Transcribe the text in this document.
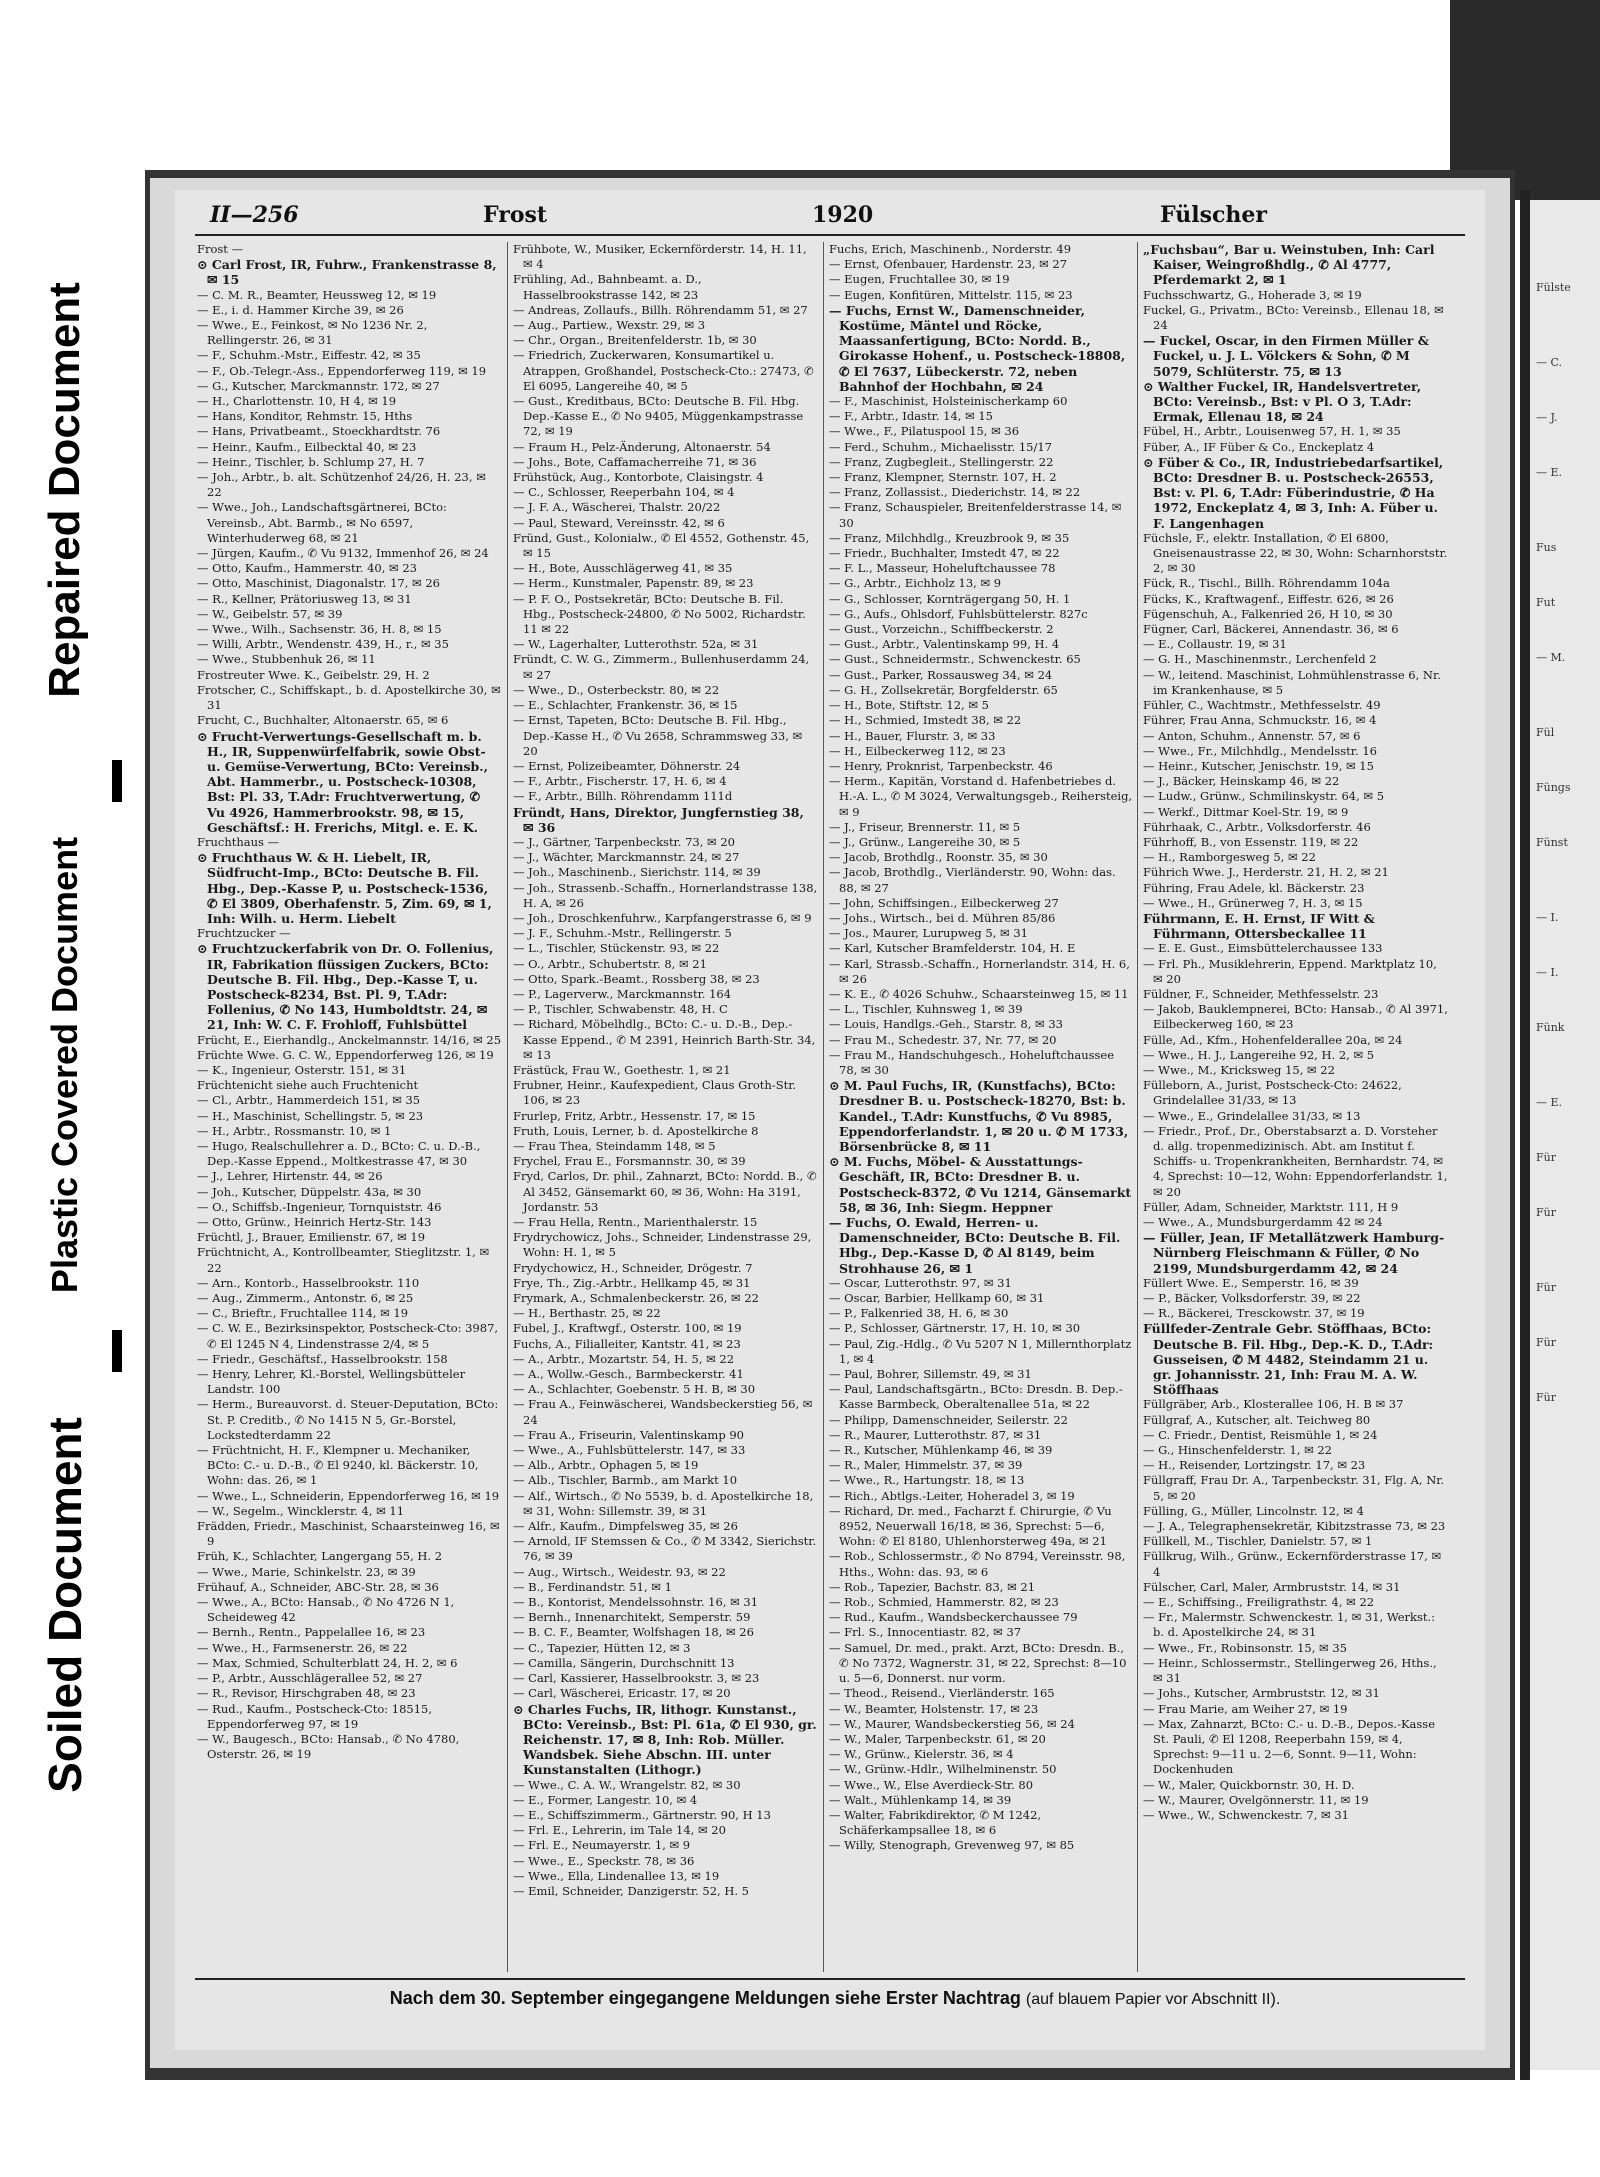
Repaired Document
Plastic Covered Document
Soiled Document
Fülste
— C.
— J.
— E.
Fus
Fut
— M.
Fül
Füngs
Fünst
— I.
— I.
Fünk
— E.
Für
Für
Für
Für
Für
II—256	Frost	1920	Fülscher

Frost —

⊙ Carl Frost, IR, Fuhrw., Frankenstrasse 8, ✉ 15

— C. M. R., Beamter, Heussweg 12, ✉ 19

— E., i. d. Hammer Kirche 39, ✉ 26

— Wwe., E., Feinkost, ✉ No 1236 Nr. 2, Rellingerstr. 26, ✉ 31

— F., Schuhm.-Mstr., Eiffestr. 42, ✉ 35

— F., Ob.-Telegr.-Ass., Eppendorferweg 119, ✉ 19

— G., Kutscher, Marckmannstr. 172, ✉ 27

— H., Charlottenstr. 10, H 4, ✉ 19

— Hans, Konditor, Rehmstr. 15, Hths

— Hans, Privatbeamt., Stoeckhardtstr. 76

— Heinr., Kaufm., Eilbecktal 40, ✉ 23

— Heinr., Tischler, b. Schlump 27, H. 7

— Joh., Arbtr., b. alt. Schützenhof 24/26, H. 23, ✉ 22

— Wwe., Joh., Landschaftsgärtnerei, BCto: Vereinsb., Abt. Barmb., ✉ No 6597, Winterhuderweg 68, ✉ 21

— Jürgen, Kaufm., ✆ Vu 9132, Immenhof 26, ✉ 24

— Otto, Kaufm., Hammerstr. 40, ✉ 23

— Otto, Maschinist, Diagonalstr. 17, ✉ 26

— R., Kellner, Prätoriusweg 13, ✉ 31

— W., Geibelstr. 57, ✉ 39

— Wwe., Wilh., Sachsenstr. 36, H. 8, ✉ 15

— Willi, Arbtr., Wendenstr. 439, H., r., ✉ 35

— Wwe., Stubbenhuk 26, ✉ 11

Frostreuter Wwe. K., Geibelstr. 29, H. 2

Frotscher, C., Schiffskapt., b. d. Apostelkirche 30, ✉ 31

Frucht, C., Buchhalter, Altonaerstr. 65, ✉ 6

⊙ Frucht-Verwertungs-Gesellschaft m. b. H., IR, Suppenwürfelfabrik, sowie Obst- u. Gemüse-Verwertung, BCto: Vereinsb., Abt. Hammerbr., u. Postscheck-10308, Bst: Pl. 33, T.Adr: Fruchtverwertung, ✆ Vu 4926, Hammerbrookstr. 98, ✉ 15, Geschäftsf.: H. Frerichs, Mitgl. e. E. K.

Fruchthaus —

⊙ Fruchthaus W. & H. Liebelt, IR, Südfrucht-Imp., BCto: Deutsche B. Fil. Hbg., Dep.-Kasse P, u. Postscheck-1536, ✆ El 3809, Oberhafenstr. 5, Zim. 69, ✉ 1, Inh: Wilh. u. Herm. Liebelt

Fruchtzucker —

⊙ Fruchtzuckerfabrik von Dr. O. Follenius, IR, Fabrikation flüssigen Zuckers, BCto: Deutsche B. Fil. Hbg., Dep.-Kasse T, u. Postscheck-8234, Bst. Pl. 9, T.Adr: Follenius, ✆ No 143, Humboldtstr. 24, ✉ 21, Inh: W. C. F. Frohloff, Fuhlsbüttel

Frücht, E., Eierhandlg., Anckelmannstr. 14/16, ✉ 25

Früchte Wwe. G. C. W., Eppendorferweg 126, ✉ 19

— K., Ingenieur, Osterstr. 151, ✉ 31

Früchtenicht siehe auch Fruchtenicht

— Cl., Arbtr., Hammerdeich 151, ✉ 35

— H., Maschinist, Schellingstr. 5, ✉ 23

— H., Arbtr., Rossmanstr. 10, ✉ 1

— Hugo, Realschullehrer a. D., BCto: C. u. D.-B., Dep.-Kasse Eppend., Moltkestrasse 47, ✉ 30

— J., Lehrer, Hirtenstr. 44, ✉ 26

— Joh., Kutscher, Düppelstr. 43a, ✉ 30

— O., Schiffsb.-Ingenieur, Tornquiststr. 46

— Otto, Grünw., Heinrich Hertz-Str. 143

Früchtl, J., Brauer, Emilienstr. 67, ✉ 19

Früchtnicht, A., Kontrollbeamter, Stieglitzstr. 1, ✉ 22

— Arn., Kontorb., Hasselbrookstr. 110

— Aug., Zimmerm., Antonstr. 6, ✉ 25

— C., Brieftr., Fruchtallee 114, ✉ 19

— C. W. E., Bezirksinspektor, Postscheck-Cto: 3987, ✆ El 1245 N 4, Lindenstrasse 2/4, ✉ 5

— Friedr., Geschäftsf., Hasselbrookstr. 158

— Henry, Lehrer, Kl.-Borstel, Wellingsbütteler Landstr. 100

— Herm., Bureauvorst. d. Steuer-Deputation, BCto: St. P. Creditb., ✆ No 1415 N 5, Gr.-Borstel, Lockstedterdamm 22

— Früchtnicht, H. F., Klempner u. Mechaniker, BCto: C.- u. D.-B., ✆ El 9240, kl. Bäckerstr. 10, Wohn: das. 26, ✉ 1

— Wwe., L., Schneiderin, Eppendorferweg 16, ✉ 19

— W., Segelm., Wincklerstr. 4, ✉ 11

Frädden, Friedr., Maschinist, Schaarsteinweg 16, ✉ 9

Früh, K., Schlachter, Langergang 55, H. 2

— Wwe., Marie, Schinkelstr. 23, ✉ 39

Frühauf, A., Schneider, ABC-Str. 28, ✉ 36

— Wwe., A., BCto: Hansab., ✆ No 4726 N 1, Scheideweg 42

— Bernh., Rentn., Pappelallee 16, ✉ 23

— Wwe., H., Farmsenerstr. 26, ✉ 22

— Max, Schmied, Schulterblatt 24, H. 2, ✉ 6

— P., Arbtr., Ausschlägerallee 52, ✉ 27

— R., Revisor, Hirschgraben 48, ✉ 23

— Rud., Kaufm., Postscheck-Cto: 18515, Eppendorferweg 97, ✉ 19

— W., Baugesch., BCto: Hansab., ✆ No 4780, Osterstr. 26, ✉ 19

Frühbote, W., Musiker, Eckernförderstr. 14, H. 11, ✉ 4

Frühling, Ad., Bahnbeamt. a. D., Hasselbrookstrasse 142, ✉ 23

— Andreas, Zollaufs., Billh. Röhrendamm 51, ✉ 27

— Aug., Partiew., Wexstr. 29, ✉ 3

— Chr., Organ., Breitenfelderstr. 1b, ✉ 30

— Friedrich, Zuckerwaren, Konsumartikel u. Atrappen, Großhandel, Postscheck-Cto.: 27473, ✆ El 6095, Langereihe 40, ✉ 5

— Gust., Kreditbaus, BCto: Deutsche B. Fil. Hbg. Dep.-Kasse E., ✆ No 9405, Müggenkampstrasse 72, ✉ 19

— Fraum H., Pelz-Änderung, Altonaerstr. 54

— Johs., Bote, Caffamacherreihe 71, ✉ 36

Frühstück, Aug., Kontorbote, Claisingstr. 4

— C., Schlosser, Reeperbahn 104, ✉ 4

— J. F. A., Wäscherei, Thalstr. 20/22

— Paul, Steward, Vereinsstr. 42, ✉ 6

Fründ, Gust., Kolonialw., ✆ El 4552, Gothenstr. 45, ✉ 15

— H., Bote, Ausschlägerweg 41, ✉ 35

— Herm., Kunstmaler, Papenstr. 89, ✉ 23

— P. F. O., Postsekretär, BCto: Deutsche B. Fil. Hbg., Postscheck-24800, ✆ No 5002, Richardstr. 11 ✉ 22

— W., Lagerhalter, Lutterothstr. 52a, ✉ 31

Fründt, C. W. G., Zimmerm., Bullenhuserdamm 24, ✉ 27

— Wwe., D., Osterbeckstr. 80, ✉ 22

— E., Schlachter, Frankenstr. 36, ✉ 15

— Ernst, Tapeten, BCto: Deutsche B. Fil. Hbg., Dep.-Kasse H., ✆ Vu 2658, Schrammsweg 33, ✉ 20

— Ernst, Polizeibeamter, Döhnerstr. 24

— F., Arbtr., Fischerstr. 17, H. 6, ✉ 4

— F., Arbtr., Billh. Röhrendamm 111d

Fründt, Hans, Direktor, Jungfernstieg 38, ✉ 36

— J., Gärtner, Tarpenbeckstr. 73, ✉ 20

— J., Wächter, Marckmannstr. 24, ✉ 27

— Joh., Maschinenb., Sierichstr. 114, ✉ 39

— Joh., Strassenb.-Schaffn., Hornerlandstrasse 138, H. A, ✉ 26

— Joh., Droschkenfuhrw., Karpfangerstrasse 6, ✉ 9

— J. F., Schuhm.-Mstr., Rellingerstr. 5

— L., Tischler, Stückenstr. 93, ✉ 22

— O., Arbtr., Schubertstr. 8, ✉ 21

— Otto, Spark.-Beamt., Rossberg 38, ✉ 23

— P., Lagerverw., Marckmannstr. 164

— P., Tischler, Schwabenstr. 48, H. C

— Richard, Möbelhdlg., BCto: C.- u. D.-B., Dep.-Kasse Eppend., ✆ M 2391, Heinrich Barth-Str. 34, ✉ 13

Frästück, Frau W., Goethestr. 1, ✉ 21

Frubner, Heinr., Kaufexpedient, Claus Groth-Str. 106, ✉ 23

Frurlep, Fritz, Arbtr., Hessenstr. 17, ✉ 15

Fruth, Louis, Lerner, b. d. Apostelkirche 8

— Frau Thea, Steindamm 148, ✉ 5

Frychel, Frau E., Forsmannstr. 30, ✉ 39

Fryd, Carlos, Dr. phil., Zahnarzt, BCto: Nordd. B., ✆ Al 3452, Gänsemarkt 60, ✉ 36, Wohn: Ha 3191, Jordanstr. 53

— Frau Hella, Rentn., Marienthalerstr. 15

Frydrychowicz, Johs., Schneider, Lindenstrasse 29, Wohn: H. 1, ✉ 5

Frydychowicz, H., Schneider, Drögestr. 7

Frye, Th., Zig.-Arbtr., Hellkamp 45, ✉ 31

Frymark, A., Schmalenbeckerstr. 26, ✉ 22

— H., Berthastr. 25, ✉ 22

Fubel, J., Kraftwgf., Osterstr. 100, ✉ 19

Fuchs, A., Filialleiter, Kantstr. 41, ✉ 23

— A., Arbtr., Mozartstr. 54, H. 5, ✉ 22

— A., Wollw.-Gesch., Barmbeckerstr. 41

— A., Schlachter, Goebenstr. 5 H. B, ✉ 30

— Frau A., Feinwäscherei, Wandsbeckerstieg 56, ✉ 24

— Frau A., Friseurin, Valentinskamp 90

— Wwe., A., Fuhlsbüttelerstr. 147, ✉ 33

— Alb., Arbtr., Ophagen 5, ✉ 19

— Alb., Tischler, Barmb., am Markt 10

— Alf., Wirtsch., ✆ No 5539, b. d. Apostelkirche 18, ✉ 31, Wohn: Sillemstr. 39, ✉ 31

— Alfr., Kaufm., Dimpfelsweg 35, ✉ 26

— Arnold, IF Stemssen & Co., ✆ M 3342, Sierichstr. 76, ✉ 39

— Aug., Wirtsch., Weidestr. 93, ✉ 22

— B., Ferdinandstr. 51, ✉ 1

— B., Kontorist, Mendelssohnstr. 16, ✉ 31

— Bernh., Innenarchitekt, Semperstr. 59

— B. C. F., Beamter, Wolfshagen 18, ✉ 26

— C., Tapezier, Hütten 12, ✉ 3

— Camilla, Sängerin, Durchschnitt 13

— Carl, Kassierer, Hasselbrookstr. 3, ✉ 23

— Carl, Wäscherei, Ericastr. 17, ✉ 20

⊙ Charles Fuchs, IR, lithogr. Kunstanst., BCto: Vereinsb., Bst: Pl. 61a, ✆ El 930, gr. Reichenstr. 17, ✉ 8, Inh: Rob. Müller. Wandsbek. Siehe Abschn. III. unter Kunstanstalten (Lithogr.)

— Wwe., C. A. W., Wrangelstr. 82, ✉ 30

— E., Former, Langestr. 10, ✉ 4

— E., Schiffszimmerm., Gärtnerstr. 90, H 13

— Frl. E., Lehrerin, im Tale 14, ✉ 20

— Frl. E., Neumayerstr. 1, ✉ 9

— Wwe., E., Speckstr. 78, ✉ 36

— Wwe., Ella, Lindenallee 13, ✉ 19

— Emil, Schneider, Danzigerstr. 52, H. 5

Fuchs, Erich, Maschinenb., Norderstr. 49

— Ernst, Ofenbauer, Hardenstr. 23, ✉ 27

— Eugen, Fruchtallee 30, ✉ 19

— Eugen, Konfitüren, Mittelstr. 115, ✉ 23

— Fuchs, Ernst W., Damenschneider, Kostüme, Mäntel und Röcke, Maassanfertigung, BCto: Nordd. B., Girokasse Hohenf., u. Postscheck-18808, ✆ El 7637, Lübeckerstr. 72, neben Bahnhof der Hochbahn, ✉ 24

— F., Maschinist, Holsteinischerkamp 60

— F., Arbtr., Idastr. 14, ✉ 15

— Wwe., F., Pilatuspool 15, ✉ 36

— Ferd., Schuhm., Michaelisstr. 15/17

— Franz, Zugbegleit., Stellingerstr. 22

— Franz, Klempner, Sternstr. 107, H. 2

— Franz, Zollassist., Diederichstr. 14, ✉ 22

— Franz, Schauspieler, Breitenfelderstrasse 14, ✉ 30

— Franz, Milchhdlg., Kreuzbrook 9, ✉ 35

— Friedr., Buchhalter, Imstedt 47, ✉ 22

— F. L., Masseur, Hoheluftchaussee 78

— G., Arbtr., Eichholz 13, ✉ 9

— G., Schlosser, Kornträgergang 50, H. 1

— G., Aufs., Ohlsdorf, Fuhlsbüttelerstr. 827c

— Gust., Vorzeichn., Schiffbeckerstr. 2

— Gust., Arbtr., Valentinskamp 99, H. 4

— Gust., Schneidermstr., Schwenckestr. 65

— Gust., Parker, Rossausweg 34, ✉ 24

— G. H., Zollsekretär, Borgfelderstr. 65

— H., Bote, Stiftstr. 12, ✉ 5

— H., Schmied, Imstedt 38, ✉ 22

— H., Bauer, Flurstr. 3, ✉ 33

— H., Eilbeckerweg 112, ✉ 23

— Henry, Proknrist, Tarpenbeckstr. 46

— Herm., Kapitän, Vorstand d. Hafenbetriebes d. H.-A. L., ✆ M 3024, Verwaltungsgeb., Reihersteig, ✉ 9

— J., Friseur, Brennerstr. 11, ✉ 5

— J., Grünw., Langereihe 30, ✉ 5

— Jacob, Brothdlg., Roonstr. 35, ✉ 30

— Jacob, Brothdlg., Vierländerstr. 90, Wohn: das. 88, ✉ 27

— John, Schiffsingen., Eilbeckerweg 27

— Johs., Wirtsch., bei d. Mühren 85/86

— Jos., Maurer, Lurupweg 5, ✉ 31

— Karl, Kutscher Bramfelderstr. 104, H. E

— Karl, Strassb.-Schaffn., Hornerlandstr. 314, H. 6, ✉ 26

— K. E., ✆ 4026 Schuhw., Schaarsteinweg 15, ✉ 11

— L., Tischler, Kuhnsweg 1, ✉ 39

— Louis, Handlgs.-Geh., Starstr. 8, ✉ 33

— Frau M., Schedestr. 37, Nr. 77, ✉ 20

— Frau M., Handschuhgesch., Hoheluftchaussee 78, ✉ 30

⊙ M. Paul Fuchs, IR, (Kunstfachs), BCto: Dresdner B. u. Postscheck-18270, Bst: b. Kandel., T.Adr: Kunstfuchs, ✆ Vu 8985, Eppendorferlandstr. 1, ✉ 20 u. ✆ M 1733, Börsenbrücke 8, ✉ 11

⊙ M. Fuchs, Möbel- & Ausstattungs-Geschäft, IR, BCto: Dresdner B. u. Postscheck-8372, ✆ Vu 1214, Gänsemarkt 58, ✉ 36, Inh: Siegm. Heppner

— Fuchs, O. Ewald, Herren- u. Damenschneider, BCto: Deutsche B. Fil. Hbg., Dep.-Kasse D, ✆ Al 8149, beim Strohhause 26, ✉ 1

— Oscar, Lutterothstr. 97, ✉ 31

— Oscar, Barbier, Hellkamp 60, ✉ 31

— P., Falkenried 38, H. 6, ✉ 30

— P., Schlosser, Gärtnerstr. 17, H. 10, ✉ 30

— Paul, Zig.-Hdlg., ✆ Vu 5207 N 1, Millernthorplatz 1, ✉ 4

— Paul, Bohrer, Sillemstr. 49, ✉ 31

— Paul, Landschaftsgärtn., BCto: Dresdn. B. Dep.-Kasse Barmbeck, Oberaltenallee 51a, ✉ 22

— Philipp, Damenschneider, Seilerstr. 22

— R., Maurer, Lutterothstr. 87, ✉ 31

— R., Kutscher, Mühlenkamp 46, ✉ 39

— R., Maler, Himmelstr. 37, ✉ 39

— Wwe., R., Hartungstr. 18, ✉ 13

— Rich., Abtlgs.-Leiter, Hoheradel 3, ✉ 19

— Richard, Dr. med., Facharzt f. Chirurgie, ✆ Vu 8952, Neuerwall 16/18, ✉ 36, Sprechst: 5—6, Wohn: ✆ El 8180, Uhlenhorsterweg 49a, ✉ 21

— Rob., Schlossermstr., ✆ No 8794, Vereinsstr. 98, Hths., Wohn: das. 93, ✉ 6

— Rob., Tapezier, Bachstr. 83, ✉ 21

— Rob., Schmied, Hammerstr. 82, ✉ 23

— Rud., Kaufm., Wandsbeckerchaussee 79

— Frl. S., Innocentiastr. 82, ✉ 37

— Samuel, Dr. med., prakt. Arzt, BCto: Dresdn. B., ✆ No 7372, Wagnerstr. 31, ✉ 22, Sprechst: 8—10 u. 5—6, Donnerst. nur vorm.

— Theod., Reisend., Vierländerstr. 165

— W., Beamter, Holstenstr. 17, ✉ 23

— W., Maurer, Wandsbeckerstieg 56, ✉ 24

— W., Maler, Tarpenbeckstr. 61, ✉ 20

— W., Grünw., Kielerstr. 36, ✉ 4

— W., Grünw.-Hdlr., Wilhelminenstr. 50

— Wwe., W., Else Averdieck-Str. 80

— Walt., Mühlenkamp 14, ✉ 39

— Walter, Fabrikdirektor, ✆ M 1242, Schäferkampsallee 18, ✉ 6

— Willy, Stenograph, Grevenweg 97, ✉ 85

„Fuchsbau“, Bar u. Weinstuben, Inh: Carl Kaiser, Weingroßhdlg., ✆ Al 4777, Pferdemarkt 2, ✉ 1

Fuchsschwartz, G., Hoheradе 3, ✉ 19

Fuckel, G., Privatm., BCto: Vereinsb., Ellenau 18, ✉ 24

— Fuckel, Oscar, in den Firmen Müller & Fuckel, u. J. L. Völckers & Sohn, ✆ M 5079, Schlüterstr. 75, ✉ 13

⊙ Walther Fuckel, IR, Handelsvertreter, BCto: Vereinsb., Bst: v Pl. O 3, T.Adr: Ermak, Ellenau 18, ✉ 24

Fübel, H., Arbtr., Louisenweg 57, H. 1, ✉ 35

Füber, A., IF Füber & Co., Enckeplatz 4

⊙ Füber & Co., IR, Industriebedarfsartikel, BCto: Dresdner B. u. Postscheck-26553, Bst: v. Pl. 6, T.Adr: Füberindustrie, ✆ Ha 1972, Enckeplatz 4, ✉ 3, Inh: A. Füber u. F. Langenhagen

Füchsle, F., elektr. Installation, ✆ El 6800, Gneisenaustrasse 22, ✉ 30, Wohn: Scharnhorststr. 2, ✉ 30

Fück, R., Tischl., Billh. Röhrendamm 104a

Fücks, K., Kraftwagenf., Eiffestr. 626, ✉ 26

Fügenschuh, A., Falkenried 26, H 10, ✉ 30

Fügner, Carl, Bäckerei, Annendastr. 36, ✉ 6

— E., Collaustr. 19, ✉ 31

— G. H., Maschinenmstr., Lerchenfeld 2

— W., leitend. Maschinist, Lohmühlenstrasse 6, Nr. im Krankenhause, ✉ 5

Fühler, C., Wachtmstr., Methfesselstr. 49

Führer, Frau Anna, Schmuckstr. 16, ✉ 4

— Anton, Schuhm., Annenstr. 57, ✉ 6

— Wwe., Fr., Milchhdlg., Mendelsstr. 16

— Heinr., Kutscher, Jenischstr. 19, ✉ 15

— J., Bäcker, Heinskamp 46, ✉ 22

— Ludw., Grünw., Schmilinskystr. 64, ✉ 5

— Werkf., Dittmar Koel-Str. 19, ✉ 9

Führhaak, C., Arbtr., Volksdorferstr. 46

Führhoff, B., von Essenstr. 119, ✉ 22

— H., Ramborgesweg 5, ✉ 22

Führich Wwe. J., Herderstr. 21, H. 2, ✉ 21

Führing, Frau Adele, kl. Bäckerstr. 23

— Wwe., H., Grünerweg 7, H. 3, ✉ 15

Führmann, E. H. Ernst, IF Witt & Führmann, Ottersbeckallee 11

— E. E. Gust., Eimsbüttelerchaussee 133

— Frl. Ph., Musiklehrerin, Eppend. Marktplatz 10, ✉ 20

Füldner, F., Schneider, Methfesselstr. 23

— Jakob, Bauklempnerei, BCto: Hansab., ✆ Al 3971, Eilbeckerweg 160, ✉ 23

Fülle, Ad., Kfm., Hohenfelderallee 20a, ✉ 24

— Wwe., H. J., Langereihe 92, H. 2, ✉ 5

— Wwe., M., Kricksweg 15, ✉ 22

Fülleborn, A., Jurist, Postscheck-Cto: 24622, Grindelallee 31/33, ✉ 13

— Wwe., E., Grindelallee 31/33, ✉ 13

— Friedr., Prof., Dr., Oberstabsarzt a. D. Vorsteher d. allg. tropenmedizinisch. Abt. am Institut f. Schiffs- u. Tropenkrankheiten, Bernhardstr. 74, ✉ 4, Sprechst: 10—12, Wohn: Eppendorferlandstr. 1, ✉ 20

Füller, Adam, Schneider, Marktstr. 111, H 9

— Wwe., A., Mundsburgerdamm 42 ✉ 24

— Füller, Jean, IF Metallätzwerk Hamburg-Nürnberg Fleischmann & Füller, ✆ No 2199, Mundsburgerdamm 42, ✉ 24

Füllert Wwe. E., Semperstr. 16, ✉ 39

— P., Bäcker, Volksdorferstr. 39, ✉ 22

— R., Bäckerei, Tresckowstr. 37, ✉ 19

Füllfeder-Zentrale Gebr. Stöffhaas, BCto: Deutsche B. Fil. Hbg., Dep.-K. D., T.Adr: Gusseisen, ✆ M 4482, Steindamm 21 u. gr. Johannisstr. 21, Inh: Frau M. A. W. Stöffhaas

Füllgräber, Arb., Klosterallee 106, H. B ✉ 37

Füllgraf, A., Kutscher, alt. Teichweg 80

— C. Friedr., Dentist, Reismühle 1, ✉ 24

— G., Hinschenfelderstr. 1, ✉ 22

— H., Reisender, Lortzingstr. 17, ✉ 23

Füllgraff, Frau Dr. A., Tarpenbeckstr. 31, Flg. A, Nr. 5, ✉ 20

Fülling, G., Müller, Lincolnstr. 12, ✉ 4

— J. A., Telegraphensekretär, Kibitzstrasse 73, ✉ 23

Füllkell, M., Tischler, Danielstr. 57, ✉ 1

Füllkrug, Wilh., Grünw., Eckernförderstrasse 17, ✉ 4

Fülscher, Carl, Maler, Armbruststr. 14, ✉ 31

— E., Schiffsing., Freiligrathstr. 4, ✉ 22

— Fr., Malermstr. Schwenckestr. 1, ✉ 31, Werkst.: b. d. Apostelkirche 24, ✉ 31

— Wwe., Fr., Robinsonstr. 15, ✉ 35

— Heinr., Schlossermstr., Stellingerweg 26, Hths., ✉ 31

— Johs., Kutscher, Armbruststr. 12, ✉ 31

— Frau Marie, am Weiher 27, ✉ 19

— Max, Zahnarzt, BCto: C.- u. D.-B., Depos.-Kasse St. Pauli, ✆ El 1208, Reeperbahn 159, ✉ 4, Sprechst: 9—11 u. 2—6, Sonnt. 9—11, Wohn: Dockenhuden

— W., Maler, Quickbornstr. 30, H. D.

— W., Maurer, Ovelgönnerstr. 11, ✉ 19

— Wwe., W., Schwenckestr. 7, ✉ 31

Nach dem 30. September eingegangene Meldungen siehe Erster Nachtrag (auf blauem Papier vor Abschnitt II).
